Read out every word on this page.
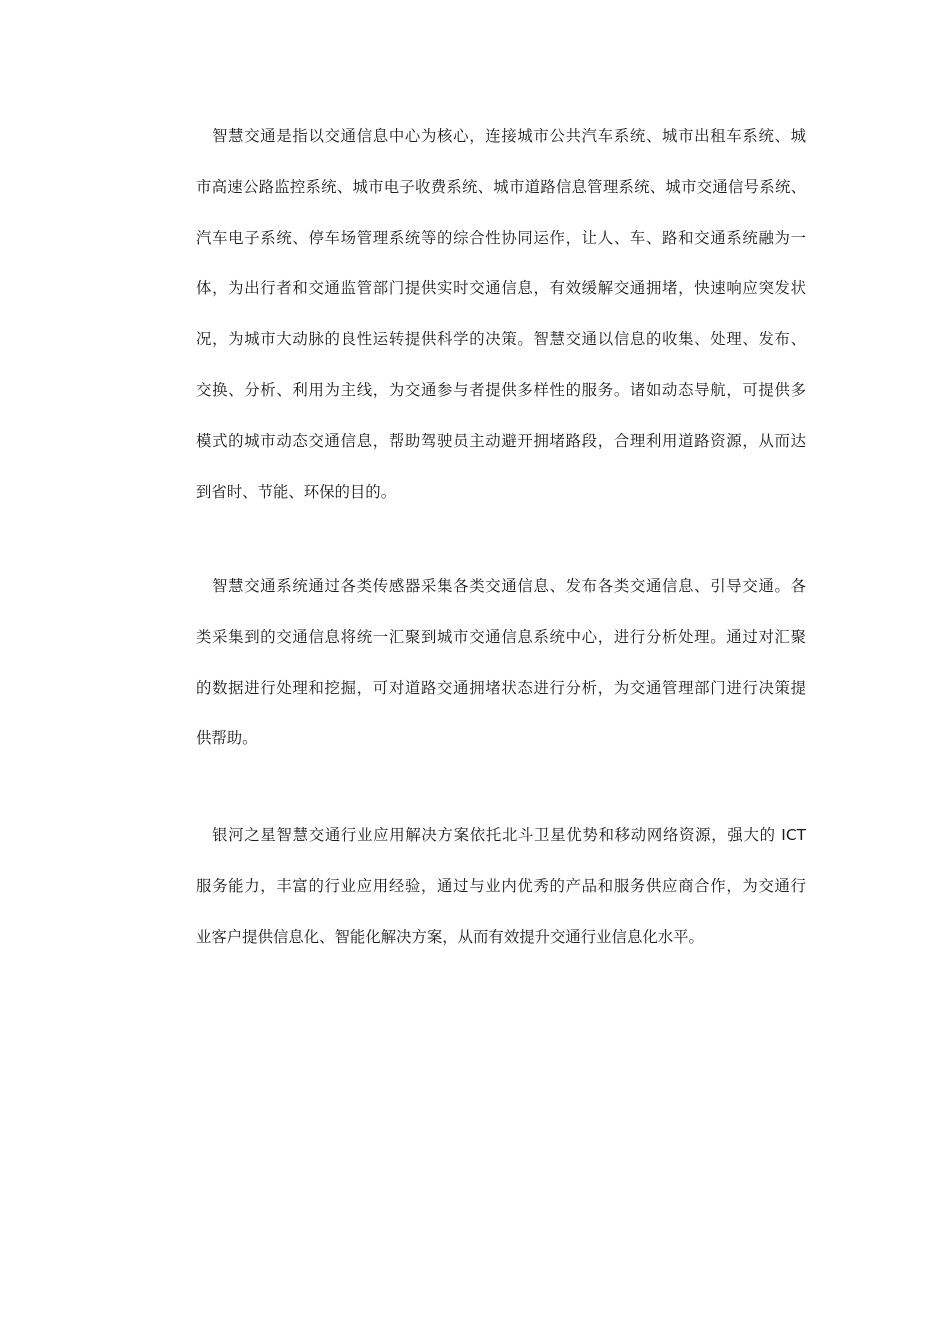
　智慧交通是指以交通信息中心为核心，连接城市公共汽车系统、城市出租车系统、城
市高速公路监控系统、城市电子收费系统、城市道路信息管理系统、城市交通信号系统、
汽车电子系统、停车场管理系统等的综合性协同运作，让人、车、路和交通系统融为一
体，为出行者和交通监管部门提供实时交通信息，有效缓解交通拥堵，快速响应突发状
况，为城市大动脉的良性运转提供科学的决策。智慧交通以信息的收集、处理、发布、
交换、分析、利用为主线，为交通参与者提供多样性的服务。诸如动态导航，可提供多
模式的城市动态交通信息，帮助驾驶员主动避开拥堵路段，合理利用道路资源，从而达
到省时、节能、环保的目的。
　智慧交通系统通过各类传感器采集各类交通信息、发布各类交通信息、引导交通。各
类采集到的交通信息将统一汇聚到城市交通信息系统中心，进行分析处理。通过对汇聚
的数据进行处理和挖掘，可对道路交通拥堵状态进行分析，为交通管理部门进行决策提
供帮助。
　银河之星智慧交通行业应用解决方案依托北斗卫星优势和移动网络资源，强大的 ICT
服务能力，丰富的行业应用经验，通过与业内优秀的产品和服务供应商合作，为交通行
业客户提供信息化、智能化解决方案，从而有效提升交通行业信息化水平。
